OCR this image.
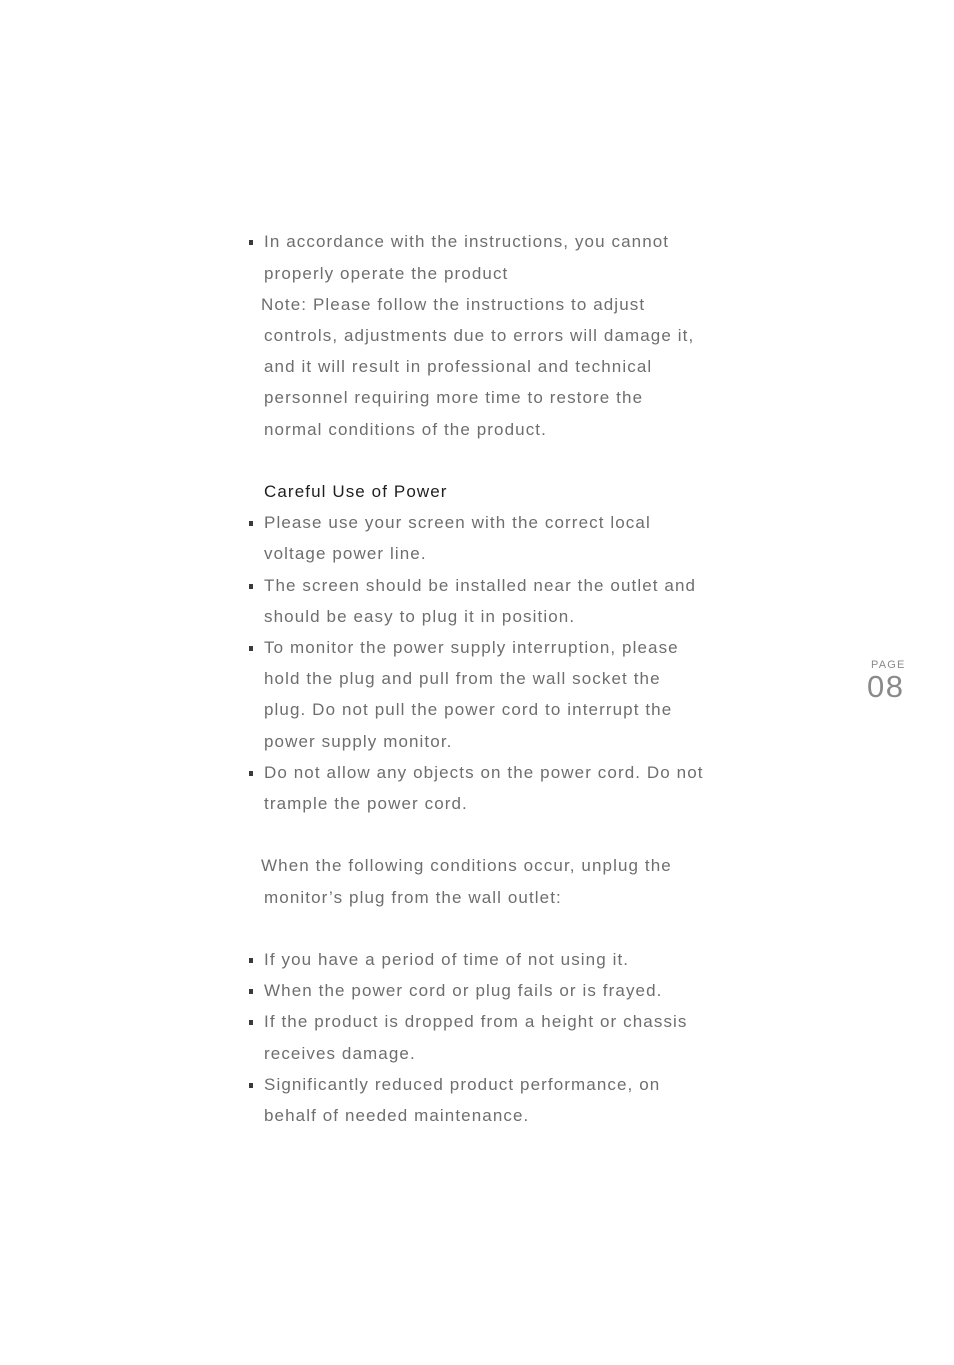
In accordance with the instructions, you cannot
properly operate the product
Note: Please follow the instructions to adjust
controls, adjustments due to errors will damage it,
and it will result in professional and technical
personnel requiring more time to restore the
normal conditions of the product.
Careful Use of Power
Please use your screen with the correct local
voltage power line.
The screen should be installed near the outlet and
should be easy to plug it in position.
To monitor the power supply interruption, please
hold the plug and pull from the wall socket the
plug. Do not pull the power cord to interrupt the
power supply monitor.
Do not allow any objects on the power cord. Do not
trample the power cord.
When the following conditions occur, unplug the
monitor’s plug from the wall outlet:
If you have a period of time of not using it.
When the power cord or plug fails or is frayed.
If the product is dropped from a height or chassis
receives damage.
Significantly reduced product performance, on
behalf of needed maintenance.
PAGE
08
